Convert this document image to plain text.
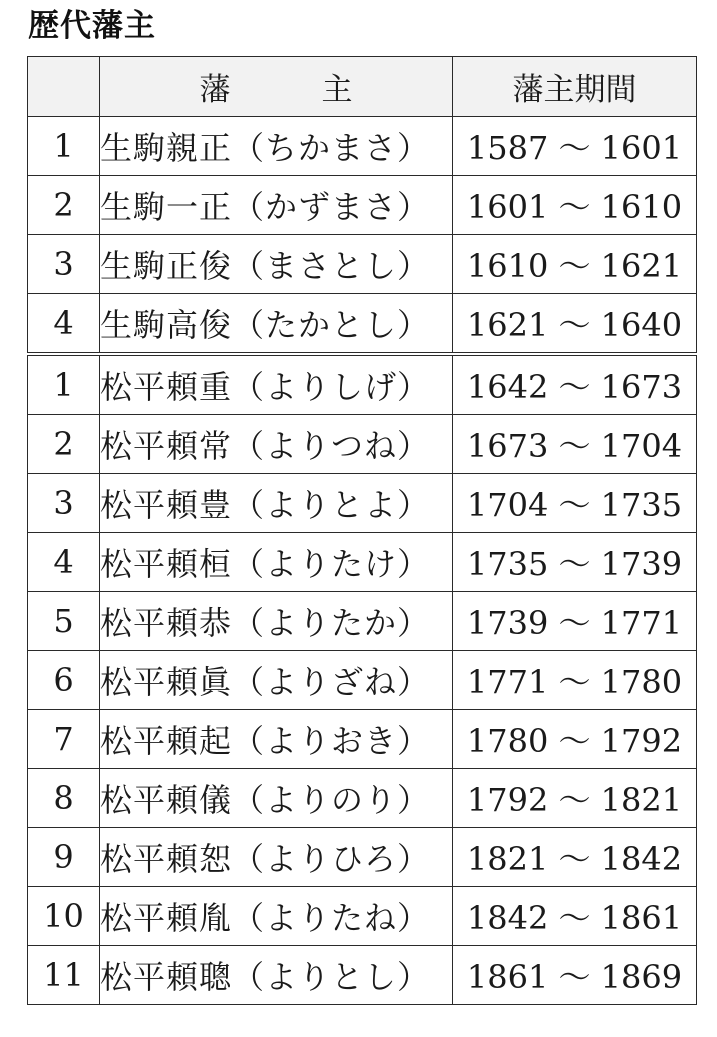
歴代藩主
	藩　主	藩主期間
1	生駒親正（ちかまさ）	1587 ～ 1601
2	生駒一正（かずまさ）	1601 ～ 1610
3	生駒正俊（まさとし）	1610 ～ 1621
4	生駒高俊（たかとし）	1621 ～ 1640
1	松平頼重（よりしげ）	1642 ～ 1673
2	松平頼常（よりつね）	1673 ～ 1704
3	松平頼豊（よりとよ）	1704 ～ 1735
4	松平頼桓（よりたけ）	1735 ～ 1739
5	松平頼恭（よりたか）	1739 ～ 1771
6	松平頼眞（よりざね）	1771 ～ 1780
7	松平頼起（よりおき）	1780 ～ 1792
8	松平頼儀（よりのり）	1792 ～ 1821
9	松平頼恕（よりひろ）	1821 ～ 1842
10	松平頼胤（よりたね）	1842 ～ 1861
11	松平頼聰（よりとし）	1861 ～ 1869
